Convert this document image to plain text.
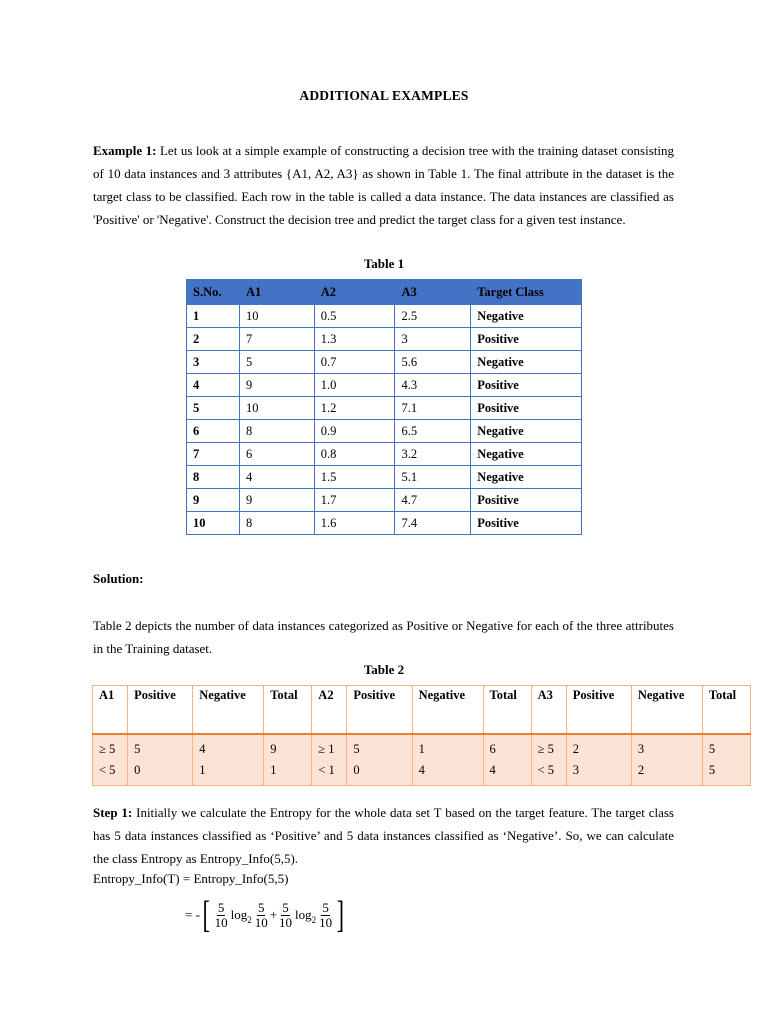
ADDITIONAL EXAMPLES
Example 1: Let us look at a simple example of constructing a decision tree with the training dataset consisting of 10 data instances and 3 attributes {A1, A2, A3} as shown in Table 1. The final attribute in the dataset is the target class to be classified. Each row in the table is called a data instance. The data instances are classified as 'Positive' or 'Negative'. Construct the decision tree and predict the target class for a given test instance.
Table 1
S.No.	A1	A2	A3	Target Class
1	10	0.5	2.5	Negative
2	7	1.3	3	Positive
3	5	0.7	5.6	Negative
4	9	1.0	4.3	Positive
5	10	1.2	7.1	Positive
6	8	0.9	6.5	Negative
7	6	0.8	3.2	Negative
8	4	1.5	5.1	Negative
9	9	1.7	4.7	Positive
10	8	1.6	7.4	Positive
Solution:
Table 2 depicts the number of data instances categorized as Positive or Negative for each of the three attributes in the Training dataset.
Table 2
A1	Positive	Negative	Total	A2	Positive	Negative	Total	A3	Positive	Negative	Total
≥ 5	5	4	9	≥ 1	5	1	6	≥ 5	2	3	5
< 5	0	1	1	< 1	0	4	4	< 5	3	2	5
Step 1: Initially we calculate the Entropy for the whole data set T based on the target feature. The target class has 5 data instances classified as ‘Positive’ and 5 data instances classified as ‘Negative’. So, we can calculate the class Entropy as Entropy_Info(5,5).
Entropy_Info(T) = Entropy_Info(5,5)
= - [ $\frac{5}{10} \log_2 \frac{5}{10} + \frac{5}{10} \log_2 \frac{5}{10}$ ]
